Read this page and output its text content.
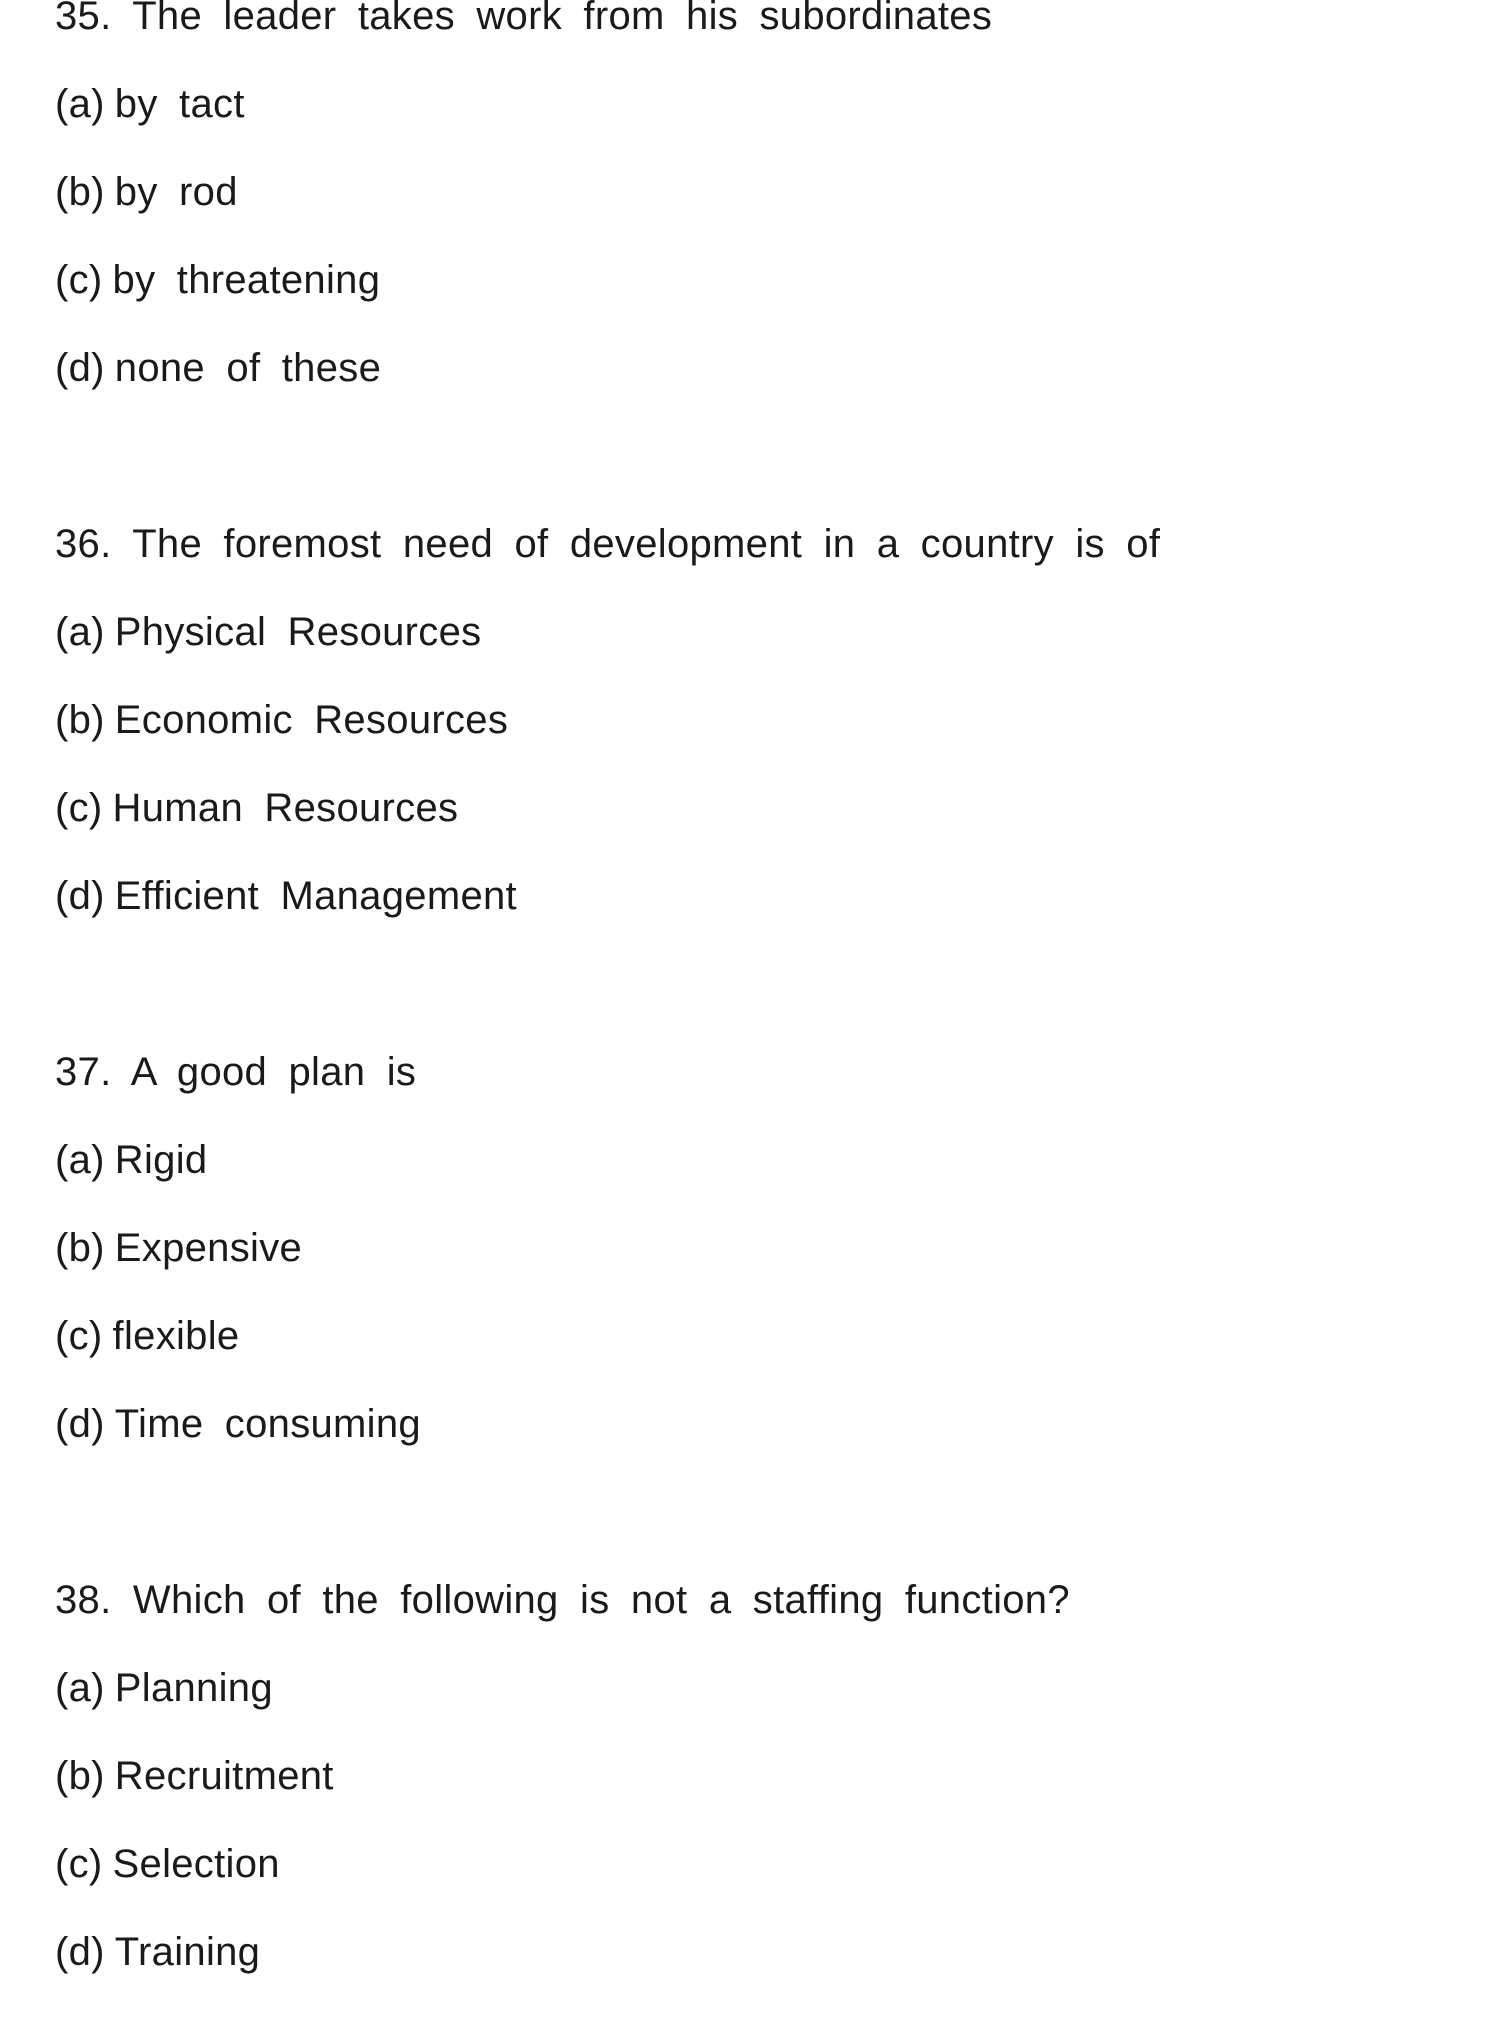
35. The leader takes work from his subordinates
(a) by tact
(b) by rod
(c) by threatening
(d) none of these
36. The foremost need of development in a country is of
(a) Physical Resources
(b) Economic Resources
(c) Human Resources
(d) Efficient Management
37. A good plan is
(a) Rigid
(b) Expensive
(c) flexible
(d) Time consuming
38. Which of the following is not a staffing function?
(a) Planning
(b) Recruitment
(c) Selection
(d) Training
